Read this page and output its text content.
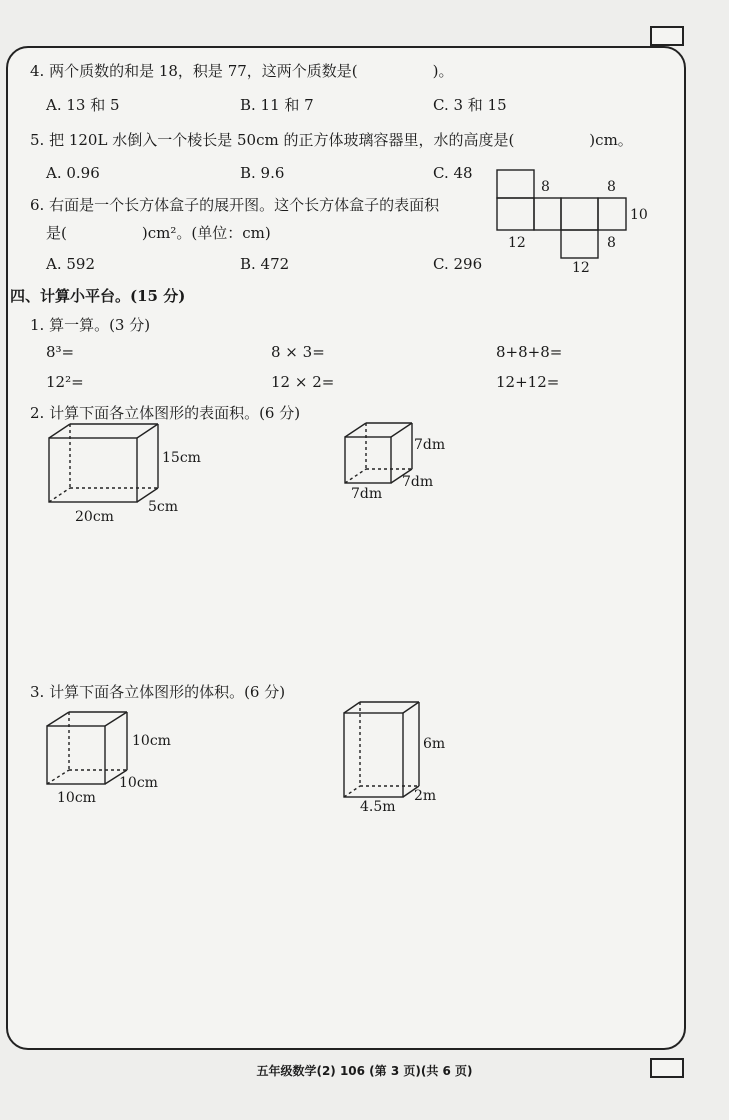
4. 两个质数的和是 18，积是 77，这两个质数是(　　　　　)。
A. 13 和 5	B. 11 和 7	C. 3 和 15
5. 把 120L 水倒入一个棱长是 50cm 的正方体玻璃容器里，水的高度是(　　　　　)cm。
A. 0.96	B. 9.6	C. 48
6. 右面是一个长方体盒子的展开图。这个长方体盒子的表面积
是(　　　　　)cm²。(单位：cm)
A. 592	B. 472	C. 296
8	8
10
12	8
12
四、计算小平台。(15 分)
1. 算一算。(3 分)
8³=	8 × 3=	8+8+8=
12²=	12 × 2=	12+12=
2. 计算下面各立体图形的表面积。(6 分)
15cm
20cm
5cm
7dm
7dm
7dm
10cm
10cm
10cm
6m
2m
4.5m
3. 计算下面各立体图形的体积。(6 分)
五年级数学(2) 106 (第 3 页)(共 6 页)
